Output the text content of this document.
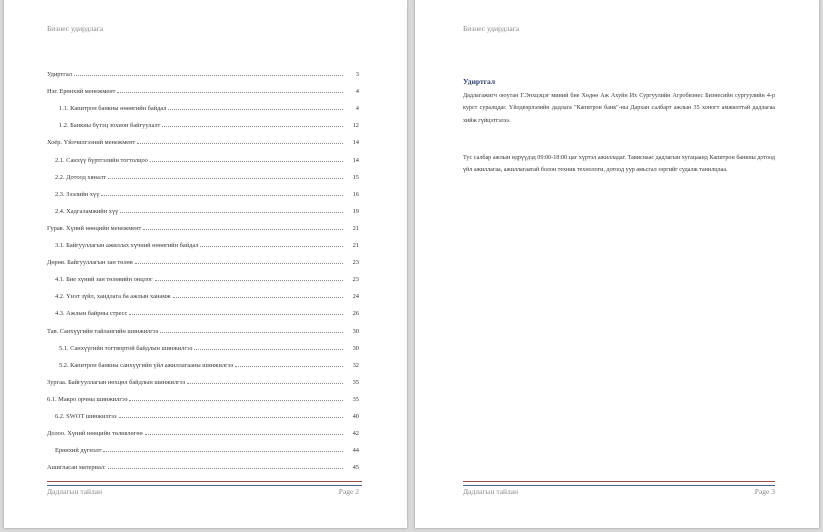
Бизнес удирдлага
Удиртгал	3
Нэг. Ерөнхий менежмент	4
1.1. Капитрон банкны өнөөгийн байдал	4
1.2. Банкны бүтэц зохион байгуулалт	12
Хоёр. Үйлчилгээний менежмент	14
2.1. Санхүү бүртгэлийн тогтолцоо	14
2.2. Дотоод хяналт	15
2.3. Зээлийн хүү	16
2.4. Хадгаламжийн хүү	19
Гурав. Хүний нөөцийн менежмент	21
3.1. Байгууллагын ажиллах хүчний өнөөгийн байдал	21
Дөрөв. Байгууллагын зан төлөв	23
4.1. Бие хүний зан төлөвийн онцлог	23
4.2. Үнэт зүйл, хандлага ба ажлын ханамж	24
4.3. Ажлын байрны стресс	26
Тав. Санхүүгийн тайлангийн шинжилгээ	30
5.1. Санхүүгийн тогтвортой байдлын шинжилгээ	30
5.2. Капитрон банкны санхүүгийн үйл ажиллагааны шинжилгээ	32
Зургаа. Байгууллагын нөхцөл байдлын шинжилгээ	35
6.1. Макро орчны шинжилгээ	35
6.2. SWOT шинжилгээ	40
Долоо. Хүний нөөцийн төлөвлөгөө	42
Ерөнхий дүгнэлт	44
Ашигласан материал:	45
Дадлагын тайлан	Page 2
Бизнес удирдлага
Удиртгал
Дадлагажигч оюутан Г.Энхцэцэг миний бие Хөдөө Аж Ахуйн Их Сургуулийн Агробизнес Бизнесийн сургуулийн 4-р курст суралцдаг. Үйлдвэрлэлийн дадлага "Капитрон банк"-ны Дархан салбарт ажлын 35 хоногт амжилттай дадлагаа хийж гүйцэтгэлээ.
Тус салбар ажлын өдрүүдэд 09:00-18:00 цаг хүртэл ажилладаг. Тависнаас дадлагын хугацаанд Капитрон банкны дотоод үйл ажиллагаа, ажиллагаатай болон техник технологи, дотоод уур амьсгал зэргийг судалж танилцлаа.
Дадлагын тайлан	Page 3
